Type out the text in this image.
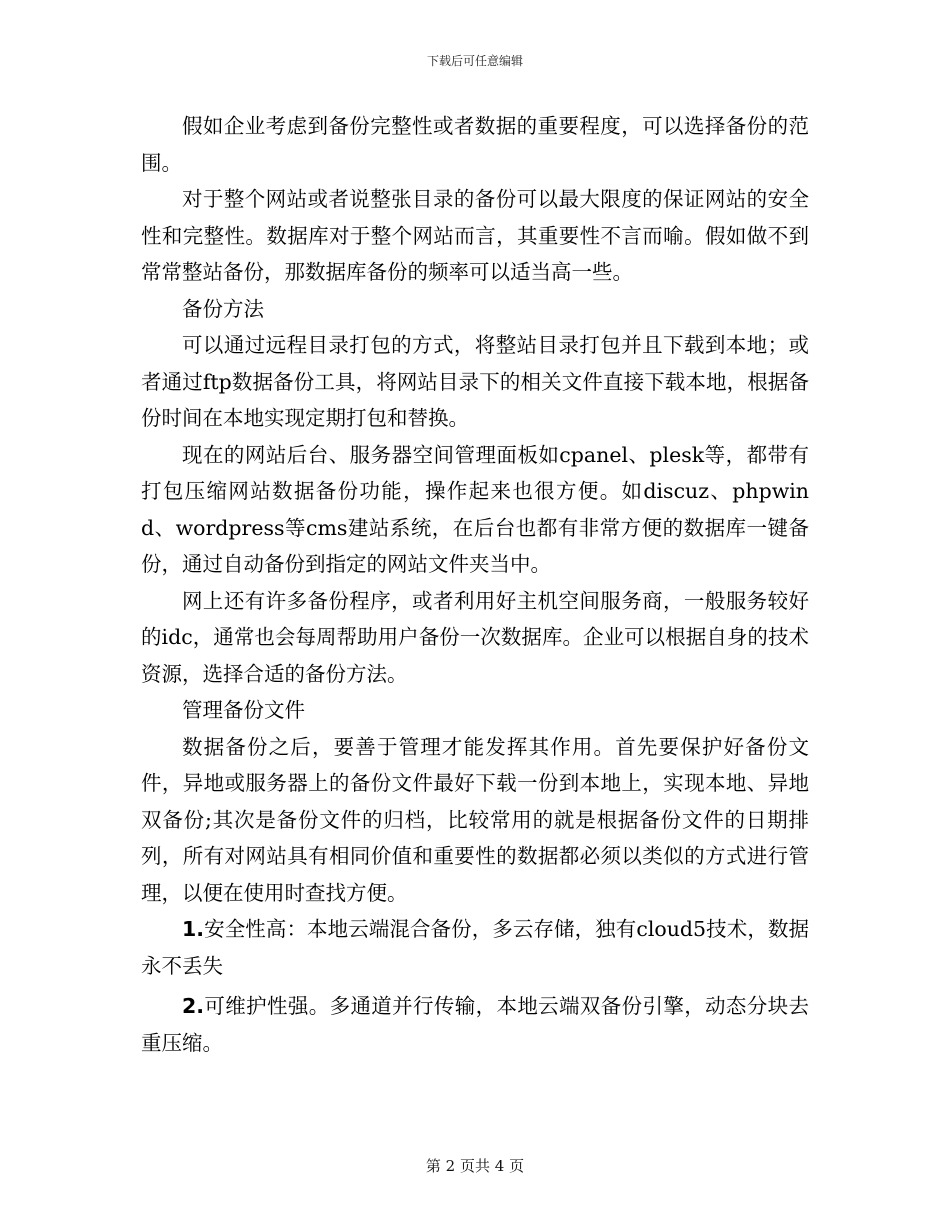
下载后可任意编辑

假如企业考虑到备份完整性或者数据的重要程度，可以选择备份的范围。

对于整个网站或者说整张目录的备份可以最大限度的保证网站的安全性和完整性。数据库对于整个网站而言，其重要性不言而喻。假如做不到常常整站备份，那数据库备份的频率可以适当高一些。

备份方法

可以通过远程目录打包的方式，将整站目录打包并且下载到本地；或者通过ftp数据备份工具，将网站目录下的相关文件直接下载本地，根据备份时间在本地实现定期打包和替换。

现在的网站后台、服务器空间管理面板如cpanel、plesk等，都带有打包压缩网站数据备份功能，操作起来也很方便。如discuz、phpwind、wordpress等cms建站系统，在后台也都有非常方便的数据库一键备份，通过自动备份到指定的网站文件夹当中。

网上还有许多备份程序，或者利用好主机空间服务商，一般服务较好的idc，通常也会每周帮助用户备份一次数据库。企业可以根据自身的技术资源，选择合适的备份方法。

管理备份文件

数据备份之后，要善于管理才能发挥其作用。首先要保护好备份文件，异地或服务器上的备份文件最好下载一份到本地上，实现本地、异地双备份;其次是备份文件的归档，比较常用的就是根据备份文件的日期排列，所有对网站具有相同价值和重要性的数据都必须以类似的方式进行管理，以便在使用时查找方便。

1.安全性高：本地云端混合备份，多云存储，独有cloud5技术，数据永不丢失

2.可维护性强。多通道并行传输，本地云端双备份引擎，动态分块去重压缩。

第 2 页共 4 页
